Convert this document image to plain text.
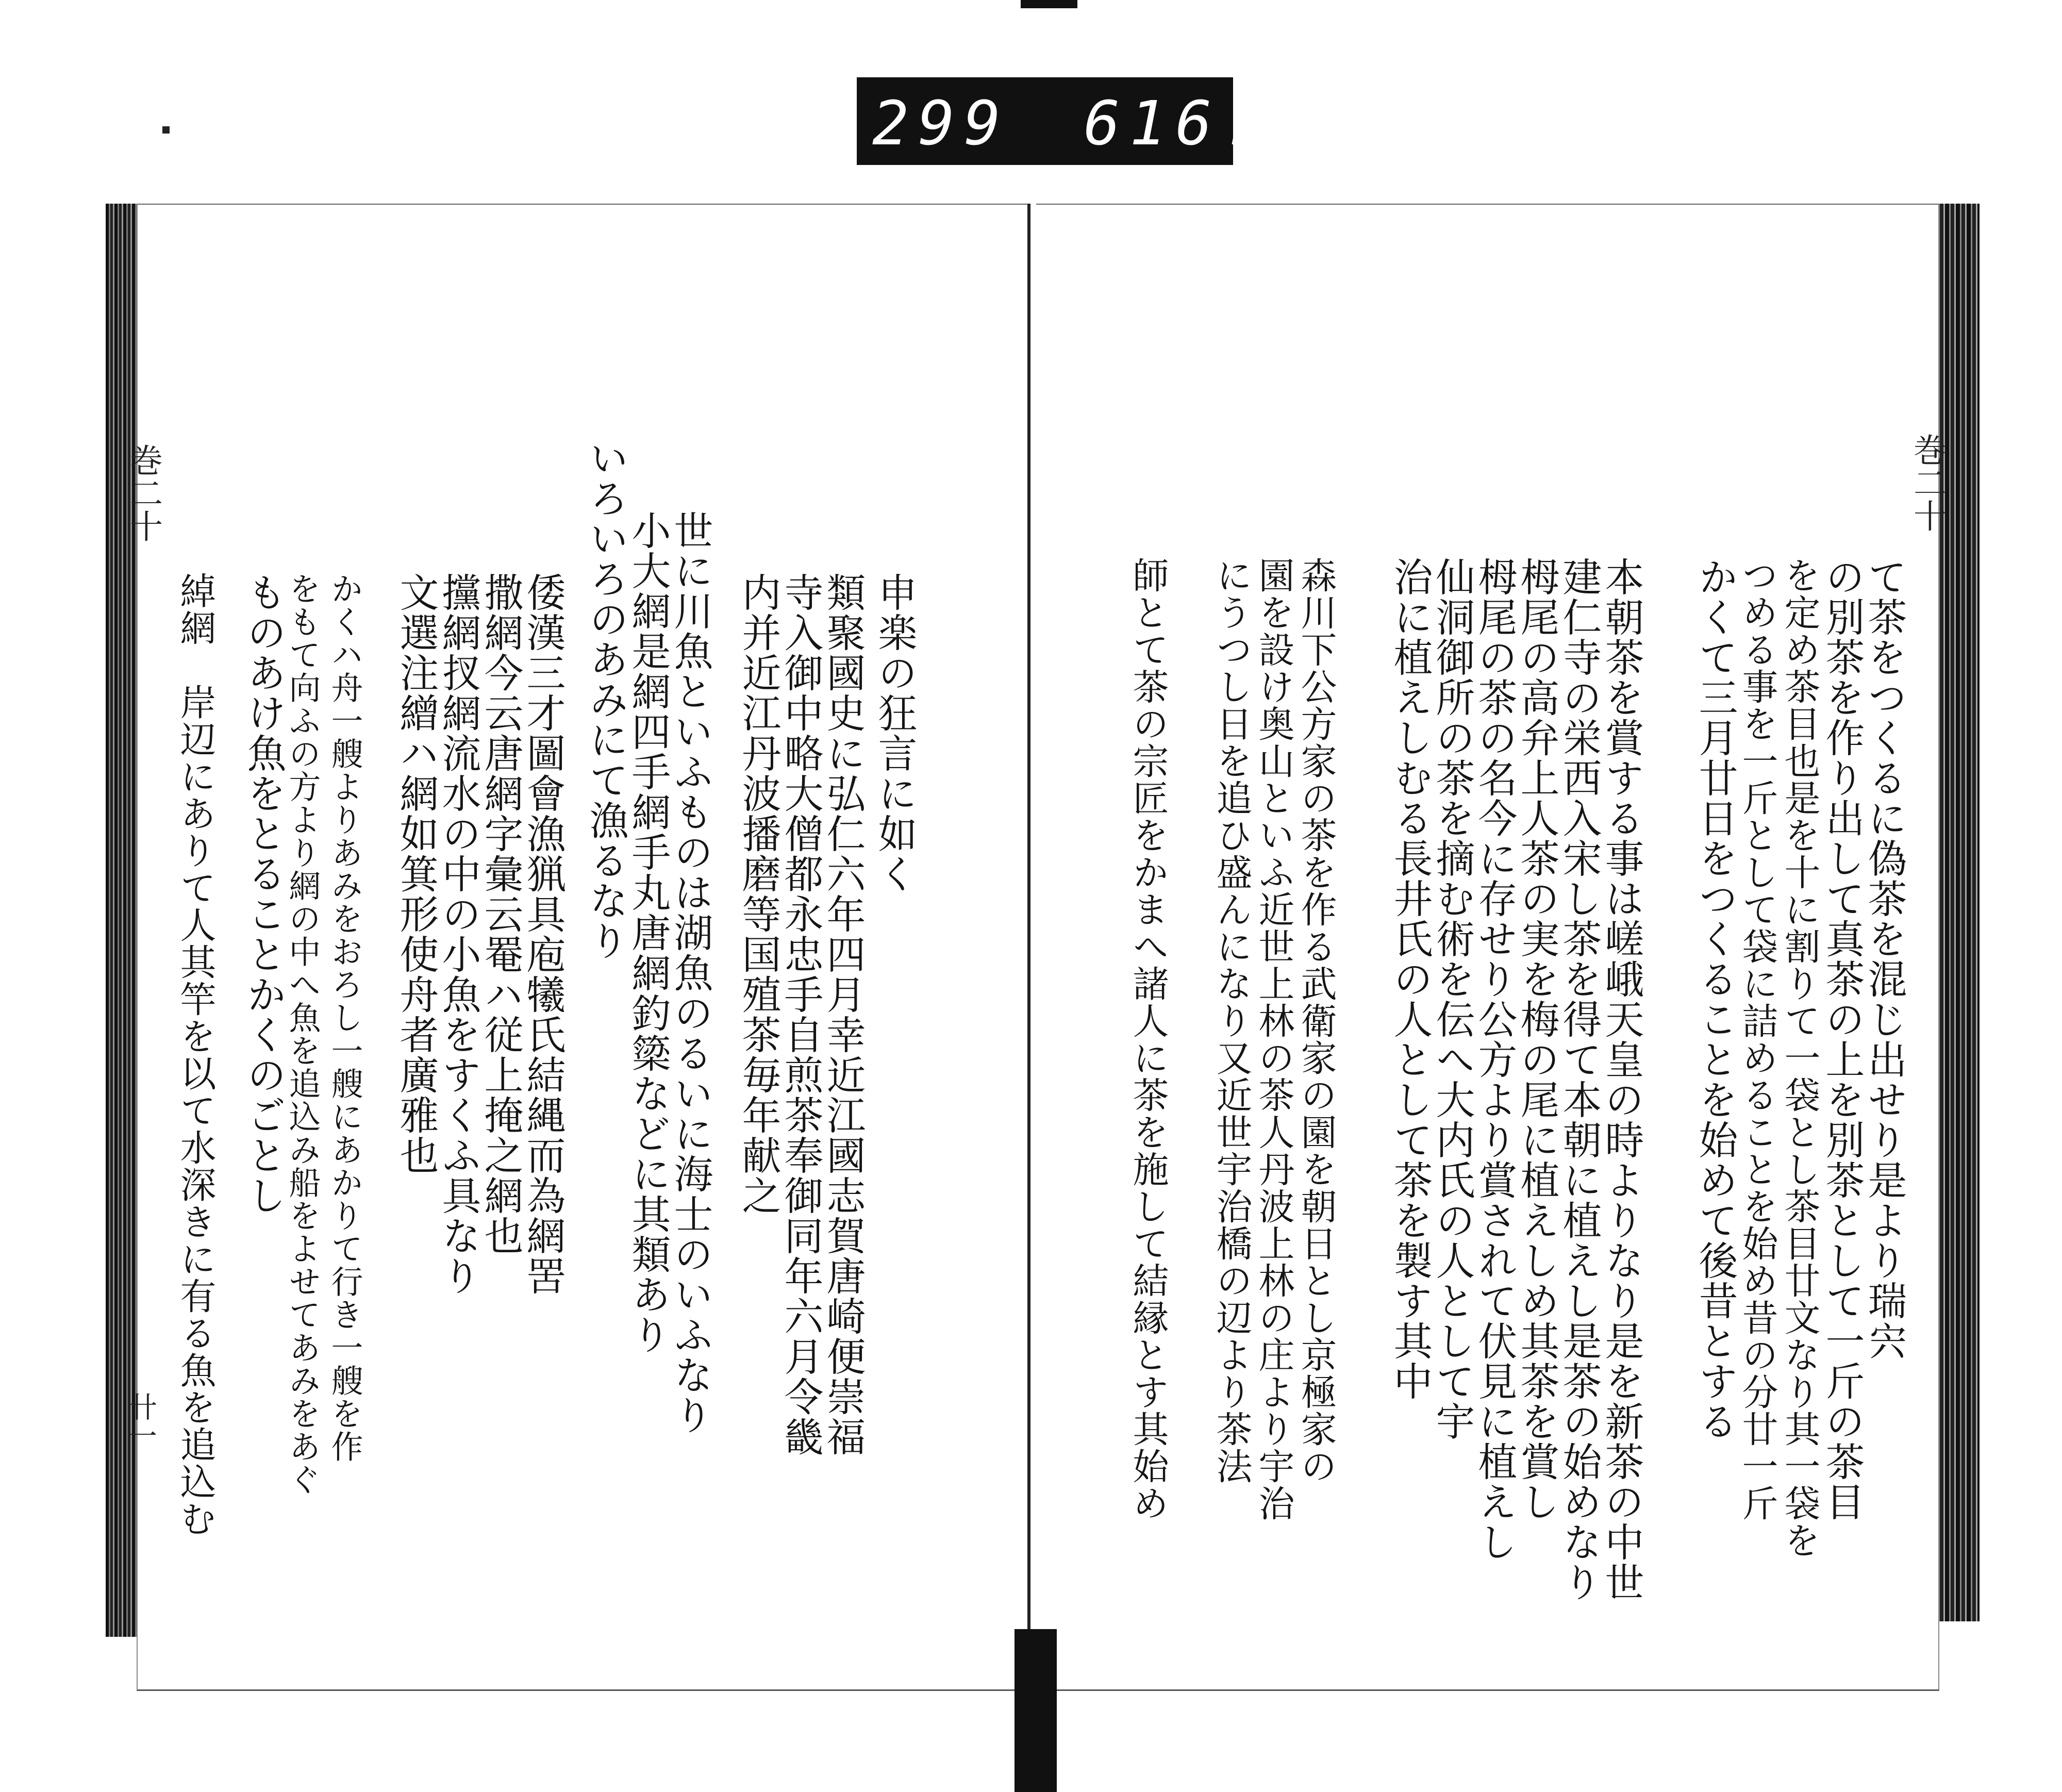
299 616.
巻二十
卄一
巻二十
て茶をつくるに偽茶を混じ出せり是より瑞宍
の別茶を作り出して真茶の上を別茶として一斤の茶目
を定め茶目也是を十に割りて一袋とし茶目廿文なり其一袋を
つめる事を一斤として袋に詰めることを始め昔の分廿一斤
かくて三月廿日をつくることを始めて後昔とする
本朝茶を賞する事は嵯峨天皇の時よりなり是を新茶の中世
建仁寺の栄西入宋し茶を得て本朝に植えし是茶の始めなり
栂尾の高弁上人茶の実を梅の尾に植えしめ其茶を賞し
栂尾の茶の名今に存せり公方より賞されて伏見に植えし
仙洞御所の茶を摘む術を伝へ大内氏の人として宇
治に植えしむる長井氏の人として茶を製す其中
森川下公方家の茶を作る武衛家の園を朝日とし京極家の
園を設け奥山といふ近世上林の茶人丹波上林の庄より宇治
にうつし日を追ひ盛んになり又近世宇治橋の辺より茶法
師とて茶の宗匠をかまへ諸人に茶を施して結縁とす其始め
申楽の狂言に如く
類聚國史に弘仁六年四月幸近江國志賀唐崎便崇福
寺入御中略大僧都永忠手自煎茶奉御同年六月令畿
内并近江丹波播磨等国殖茶毎年献之
世に川魚といふものは湖魚のるいに海士のいふなり
小大網是網四手網手丸唐網釣簗などに其類あり
いろいろのあみにて漁るなり
倭漢三才圖會漁猟具庖犧氏結縄而為網罟
撒網今云唐網字彙云罨ハ従上掩之網也
攩網扠網流水の中の小魚をすくふ具なり
文選注繒ハ網如箕形使舟者廣雅也
かくハ舟一艘よりあみをおろし一艘にあかりて行き一艘を作
をもて向ふの方より網の中へ魚を追込み船をよせてあみをあぐ
ものあけ魚をとることかくのごとし
綽網　岸辺にありて人其竿を以て水深きに有る魚を追込む
